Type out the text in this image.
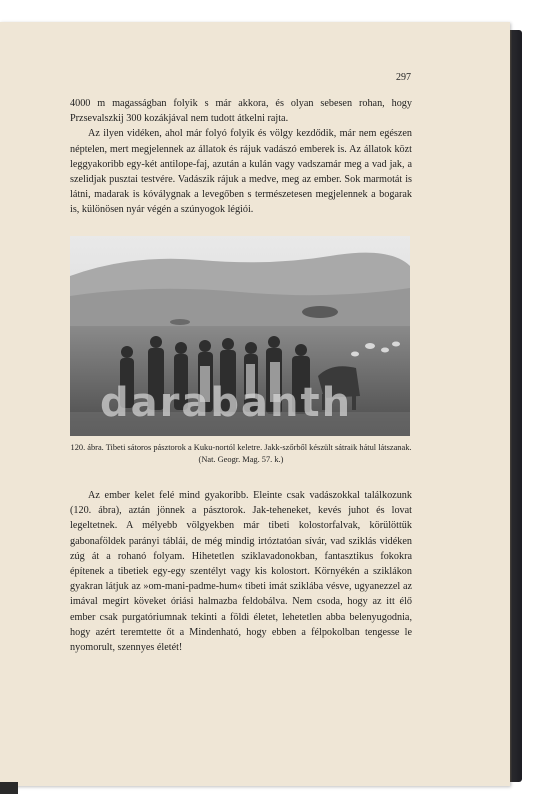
297

4000 m magasságban folyik s már akkora, és olyan sebesen rohan, hogy Przsevalszkij 300 kozákjával nem tudott átkelni rajta.

Az ilyen vidéken, ahol már folyó folyik és völgy kezdődik, már nem egészen néptelen, mert megjelennek az állatok és rájuk vadászó emberek is. Az állatok közt leggyakoribb egy-két antilope-faj, azután a kulán vagy vadszamár meg a vad jak, a szelidjak pusztai testvére. Vadászik rájuk a medve, meg az ember. Sok marmotát is látni, madarak is kóválygnak a levegőben s természetesen megjelennek a bogarak is, különösen nyár végén a szúnyogok légiói.

darabanth
120. ábra. Tibeti sátoros pásztorok a Kuku-nortól keletre. Jakk-szőrből készült sátraik hátul látszanak. (Nat. Geogr. Mag. 57. k.)

Az ember kelet felé mind gyakoribb. Eleinte csak vadászokkal találkozunk (120. ábra), aztán jönnek a pásztorok. Jak-teheneket, kevés juhot és lovat legeltetnek. A mélyebb völgyekben már tibeti kolostorfalvak, körülöttük gabonaföldek parányi táblái, de még mindig irtóztatóan sívár, vad sziklás vidéken zúg át a rohanó folyam. Hihetetlen sziklavadonokban, fantasztikus fokokra építenek a tibetiek egy-egy szentélyt vagy kis kolostort. Környékén a sziklákon gyakran látjuk az »om-mani-padme-hum« tibeti imát sziklába vésve, ugyanezzel az imával megírt köveket óriási halmazba feldobálva. Nem csoda, hogy az itt élő ember csak purgatóriumnak tekinti a földi életet, lehetetlen abba belenyugodnia, hogy azért teremtette őt a Mindenható, hogy ebben a félpokolban tengesse le nyomorult, szennyes életét!
